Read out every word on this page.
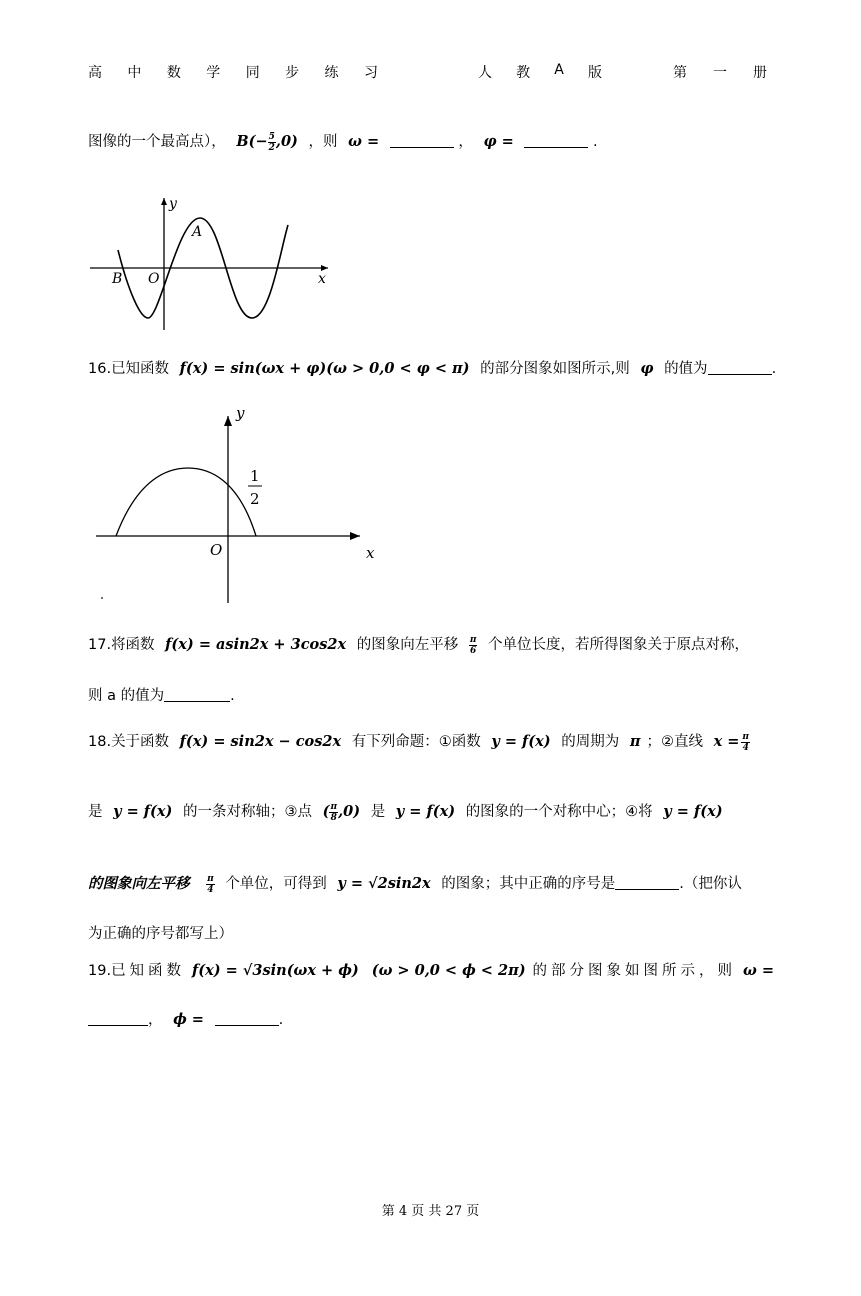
高 中 数 学 同 步 练 习	人 教 A 版	第 一 册
图像的一个最高点）， $B(- \frac{5}{2} ,0)$ ，则 ω =	， φ =	.
y
A
B O	x
16.已知函数 f(x) = sin(ωx + φ)(ω > 0,0 < φ < π) 的部分图象如图所示,则 φ 的值为	.
y
1
2
O	x
17.将函数 f(x) = asin2x + 3cos2x 的图象向左平移 $\frac{\pi}{6}$ 个单位长度，若所得图象关于原点对称，
则 a 的值为	.
18.关于函数 f(x) = sin2x − cos2x 有下列命题：①函数 y = f(x) 的周期为 π ；②直线 $x = \frac{\pi}{4}$
是 y = f(x) 的一条对称轴；③点 ( $\frac{\pi}{8} ,0$) 是 y = f(x) 的图象的一个对称中心；④将 y = f(x)
的图象向左平移 $\frac{\pi}{4}$ 个单位，可得到 y = √2sin2x 的图象；其中正确的序号是	.（把你认
为正确的序号都写上）
19.已知函数 f(x) = √3sin(ωx + ϕ) (ω > 0,0 < ϕ < 2π) 的部分图象如图所示，则 ω =
， ϕ =	.
第 4 页 共 27 页
